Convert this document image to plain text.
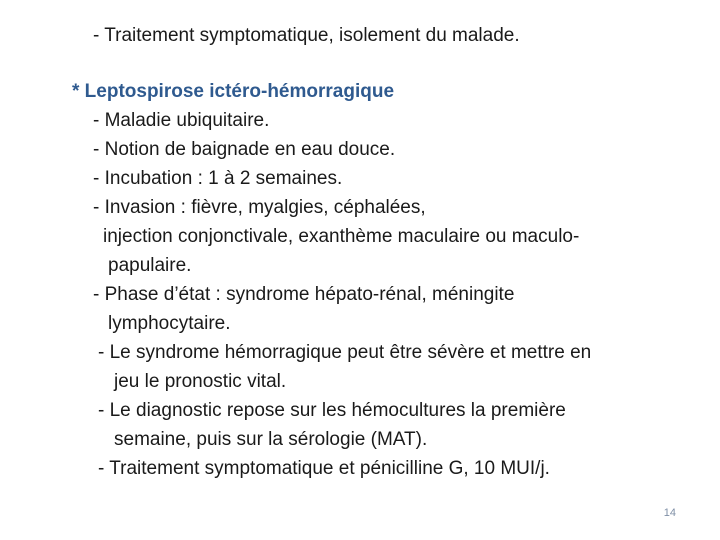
- Traitement symptomatique, isolement du malade.
* Leptospirose ictéro-hémorragique
- Maladie ubiquitaire.
- Notion de baignade en eau douce.
- Incubation : 1 à 2 semaines.
- Invasion : fièvre, myalgies, céphalées,
injection conjonctivale, exanthème maculaire ou maculo-
papulaire.
- Phase d’état : syndrome hépato-rénal, méningite
lymphocytaire.
- Le syndrome hémorragique peut être sévère et mettre en
jeu le pronostic vital.
- Le diagnostic repose sur les hémocultures la première
semaine, puis sur la sérologie (MAT).
- Traitement symptomatique et pénicilline G, 10 MUI/j.
14
